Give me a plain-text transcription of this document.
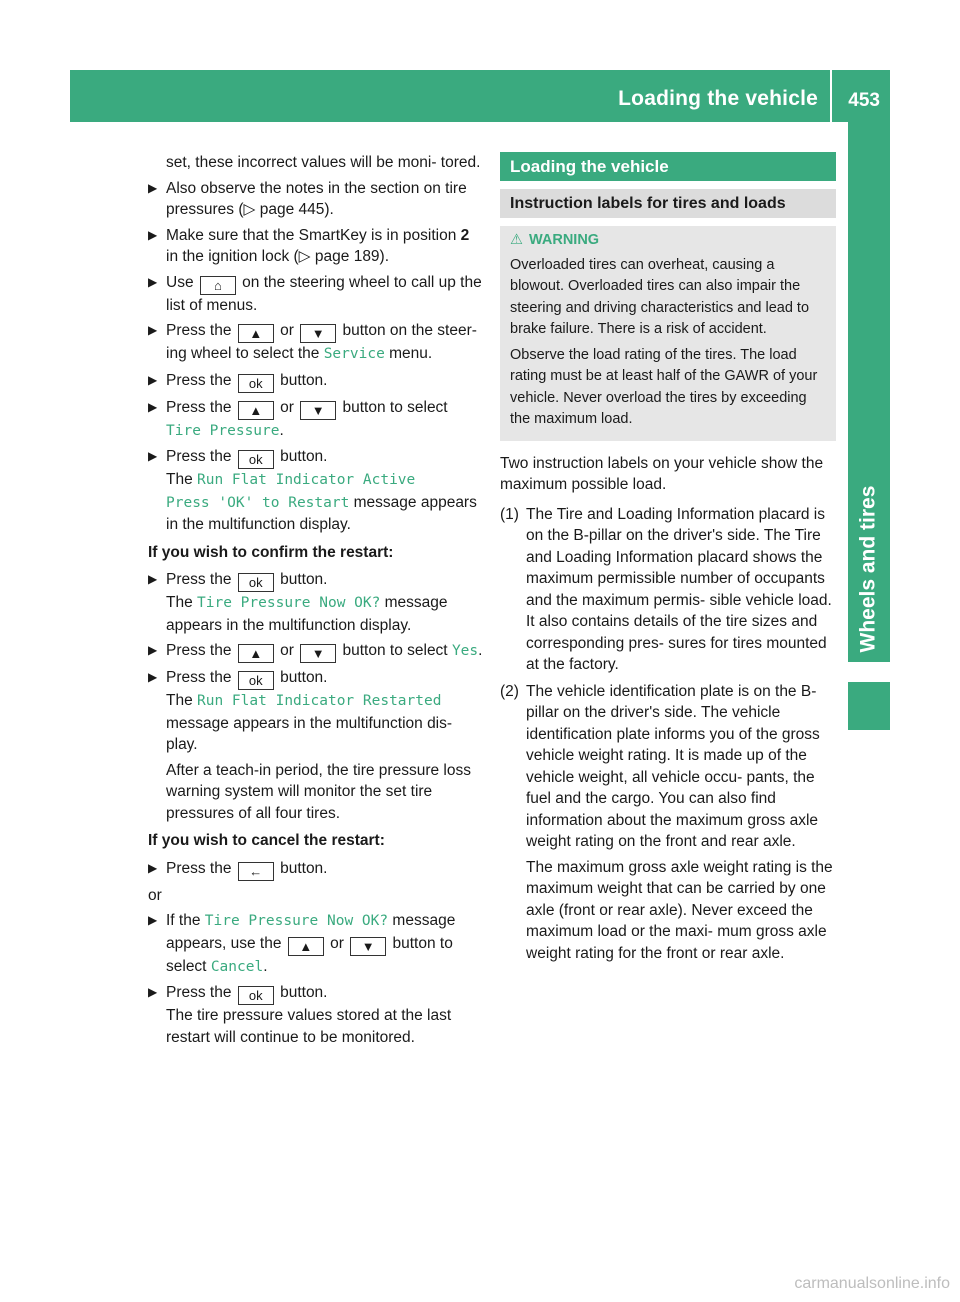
Loading the vehicle 453
Wheels and tires
set, these incorrect values will be moni- tored.
▶ Also observe the notes in the section on tire pressures (▷ page 445).
▶ Make sure that the SmartKey is in position 2 in the ignition lock (▷ page 189).
▶ Use ⌂ on the steering wheel to call up the list of menus.
▶ Press the ▲ or ▼ button on the steer- ing wheel to select the Service menu.
▶ Press the ok button.
▶ Press the ▲ or ▼ button to select Tire Pressure.
▶ Press the ok button.
The Run Flat Indicator Active
Press 'OK' to Restart message appears in the multifunction display.
If you wish to confirm the restart:
▶ Press the ok button.
The Tire Pressure Now OK? message appears in the multifunction display.
▶ Press the ▲ or ▼ button to select Yes.
▶ Press the ok button.
The Run Flat Indicator Restarted
message appears in the multifunction dis- play.
After a teach-in period, the tire pressure loss warning system will monitor the set tire pressures of all four tires.
If you wish to cancel the restart:
▶ Press the ← button.
or
▶ If the Tire Pressure Now OK? message appears, use the ▲ or ▼ button to select Cancel.
▶ Press the ok button.
The tire pressure values stored at the last restart will continue to be monitored.
Loading the vehicle
Instruction labels for tires and loads
⚠ WARNING
Overloaded tires can overheat, causing a blowout. Overloaded tires can also impair the steering and driving characteristics and lead to brake failure. There is a risk of accident.
Observe the load rating of the tires. The load rating must be at least half of the GAWR of your vehicle. Never overload the tires by exceeding the maximum load.
Two instruction labels on your vehicle show the maximum possible load.
(1) The Tire and Loading Information placard is on the B-pillar on the driver's side. The Tire and Loading Information placard shows the maximum permissible number of occupants and the maximum permis- sible vehicle load. It also contains details of the tire sizes and corresponding pres- sures for tires mounted at the factory.
(2) The vehicle identification plate is on the B-pillar on the driver's side. The vehicle identification plate informs you of the gross vehicle weight rating. It is made up of the vehicle weight, all vehicle occu- pants, the fuel and the cargo. You can also find information about the maximum gross axle weight rating on the front and rear axle.
The maximum gross axle weight rating is the maximum weight that can be carried by one axle (front or rear axle). Never exceed the maximum load or the maxi- mum gross axle weight rating for the front or rear axle.
carmanualsonline.info
